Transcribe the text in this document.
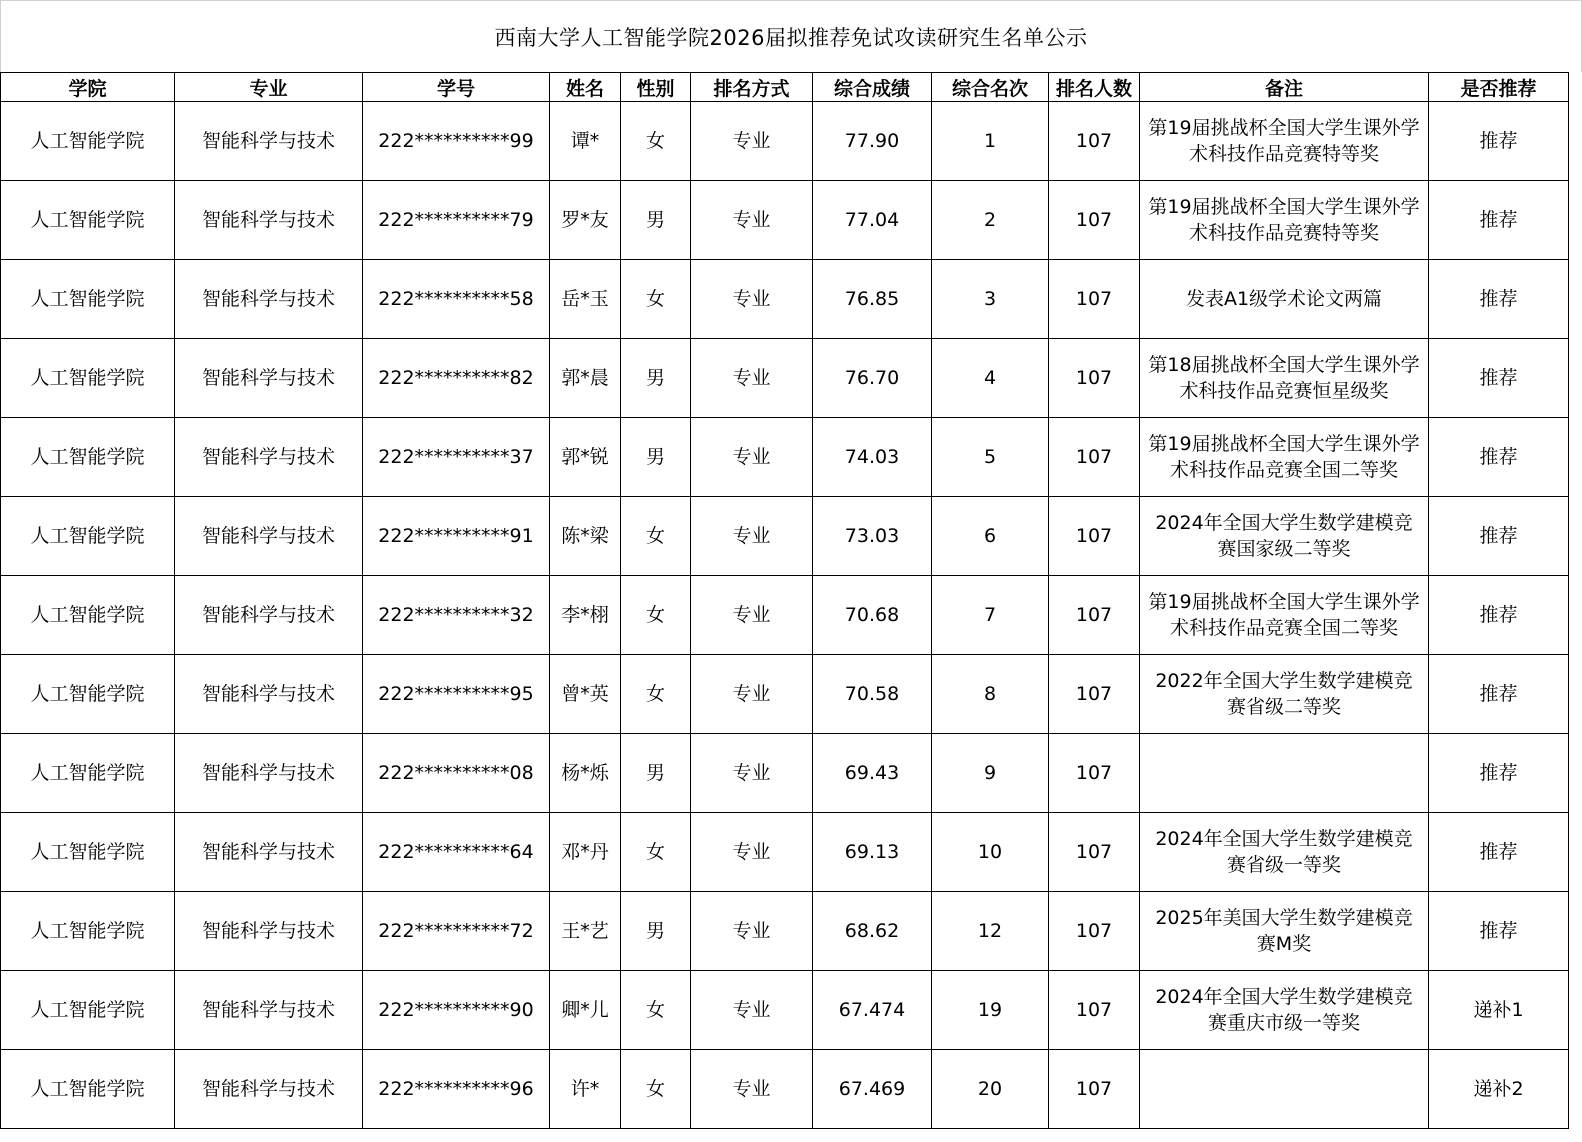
西南大学人工智能学院2026届拟推荐免试攻读研究生名单公示
学院	专业	学号	姓名	性别	排名方式	综合成绩	综合名次	排名人数	备注	是否推荐
人工智能学院	智能科学与技术	222**********99	谭*	女	专业	77.90	1	107	第19届挑战杯全国大学生课外学术科技作品竞赛特等奖	推荐
人工智能学院	智能科学与技术	222**********79	罗*友	男	专业	77.04	2	107	第19届挑战杯全国大学生课外学术科技作品竞赛特等奖	推荐
人工智能学院	智能科学与技术	222**********58	岳*玉	女	专业	76.85	3	107	发表A1级学术论文两篇	推荐
人工智能学院	智能科学与技术	222**********82	郭*晨	男	专业	76.70	4	107	第18届挑战杯全国大学生课外学术科技作品竞赛恒星级奖	推荐
人工智能学院	智能科学与技术	222**********37	郭*锐	男	专业	74.03	5	107	第19届挑战杯全国大学生课外学术科技作品竞赛全国二等奖	推荐
人工智能学院	智能科学与技术	222**********91	陈*梁	女	专业	73.03	6	107	2024年全国大学生数学建模竞赛国家级二等奖	推荐
人工智能学院	智能科学与技术	222**********32	李*栩	女	专业	70.68	7	107	第19届挑战杯全国大学生课外学术科技作品竞赛全国二等奖	推荐
人工智能学院	智能科学与技术	222**********95	曾*英	女	专业	70.58	8	107	2022年全国大学生数学建模竞赛省级二等奖	推荐
人工智能学院	智能科学与技术	222**********08	杨*烁	男	专业	69.43	9	107		推荐
人工智能学院	智能科学与技术	222**********64	邓*丹	女	专业	69.13	10	107	2024年全国大学生数学建模竞赛省级一等奖	推荐
人工智能学院	智能科学与技术	222**********72	王*艺	男	专业	68.62	12	107	2025年美国大学生数学建模竞赛M奖	推荐
人工智能学院	智能科学与技术	222**********90	卿*儿	女	专业	67.474	19	107	2024年全国大学生数学建模竞赛重庆市级一等奖	递补1
人工智能学院	智能科学与技术	222**********96	许*	女	专业	67.469	20	107		递补2
